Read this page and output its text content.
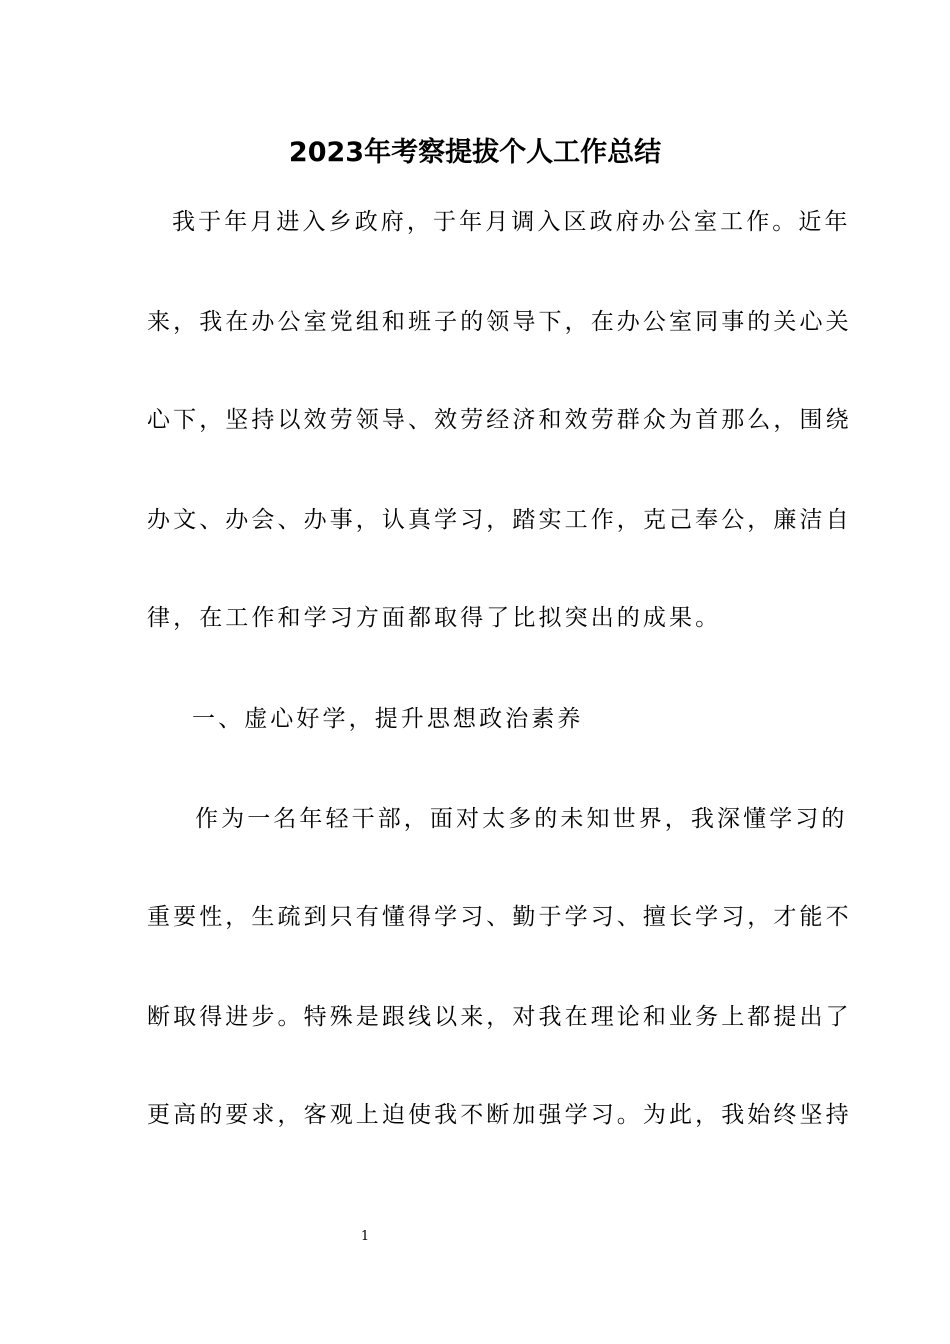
2023年考察提拔个人工作总结

我于年月进入乡政府，于年月调入区政府办公室工作。近年

来，我在办公室党组和班子的领导下，在办公室同事的关心关

心下，坚持以效劳领导、效劳经济和效劳群众为首那么，围绕

办文、办会、办事，认真学习，踏实工作，克己奉公，廉洁自

律，在工作和学习方面都取得了比拟突出的成果。

一、虚心好学，提升思想政治素养

作为一名年轻干部，面对太多的未知世界，我深懂学习的

重要性，生疏到只有懂得学习、勤于学习、擅长学习，才能不

断取得进步。特殊是跟线以来，对我在理论和业务上都提出了

更高的要求，客观上迫使我不断加强学习。为此，我始终坚持

1
